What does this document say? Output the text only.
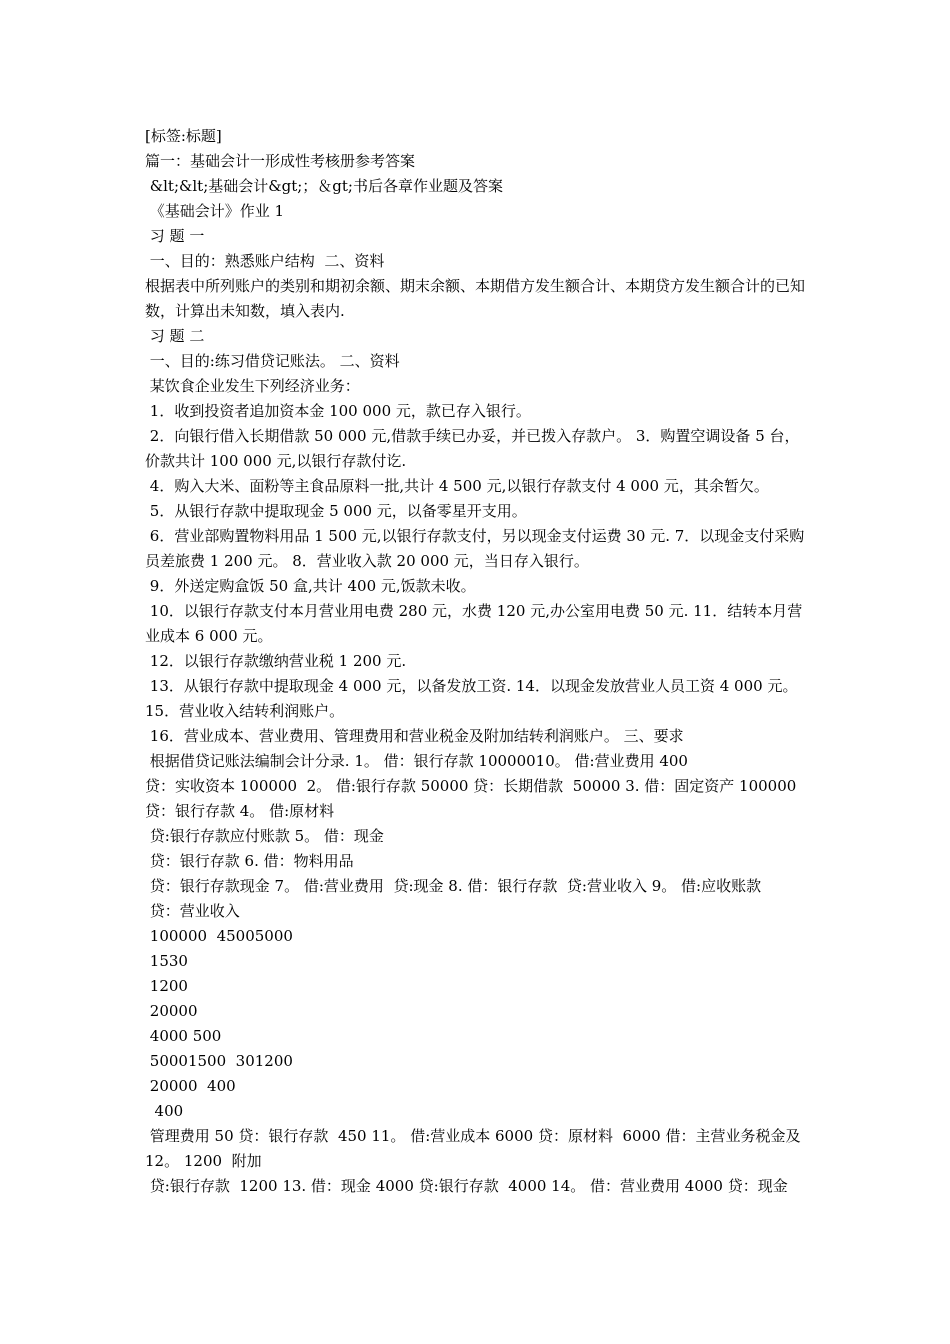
[标签:标题]

篇一：基础会计一形成性考核册参考答案

&lt;&lt;基础会计&gt;；＆gt;书后各章作业题及答案

《基础会计》作业 1

习 题 一

一、目的：熟悉账户结构  二、资料

根据表中所列账户的类别和期初余额、期末余额、本期借方发生额合计、本期贷方发生额合计的已知数，计算出未知数，填入表内.

习 题 二

一、目的:练习借贷记账法。 二、资料

某饮食企业发生下列经济业务：

1．收到投资者追加资本金 100 000 元，款已存入银行。

2．向银行借入长期借款 50 000 元,借款手续已办妥，并已拨入存款户。 3．购置空调设备 5 台，价款共计 100 000 元,以银行存款付讫.

4．购入大米、面粉等主食品原料一批,共计 4 500 元,以银行存款支付 4 000 元，其余暂欠。

5．从银行存款中提取现金 5 000 元，以备零星开支用。

6．营业部购置物料用品 1 500 元,以银行存款支付，另以现金支付运费 30 元. 7．以现金支付采购员差旅费 1 200 元。 8．营业收入款 20 000 元，当日存入银行。

9．外送定购盒饭 50 盒,共计 400 元,饭款未收。

10．以银行存款支付本月营业用电费 280 元，水费 120 元,办公室用电费 50 元. 11．结转本月营业成本 6 000 元。

12．以银行存款缴纳营业税 1 200 元.

13．从银行存款中提取现金 4 000 元，以备发放工资. 14．以现金发放营业人员工资 4 000 元。 15．营业收入结转利润账户。

16．营业成本、营业费用、管理费用和营业税金及附加结转利润账户。 三、要求

根据借贷记账法编制会计分录. 1。 借：银行存款 10000010。 借:营业费用 400

贷：实收资本 100000  2。 借:银行存款 50000 贷：长期借款  50000 3. 借：固定资产 100000 贷：银行存款 4。 借:原材料

贷:银行存款应付账款 5。 借：现金

贷：银行存款 6. 借：物料用品

贷：银行存款现金 7。 借:营业费用  贷:现金 8. 借：银行存款  贷:营业收入 9。 借:应收账款

贷：营业收入

100000  45005000

1530

1200

20000

4000 500

50001500  301200

20000  400

400

管理费用 50 贷：银行存款  450 11。 借:营业成本 6000 贷：原材料  6000 借：主营业务税金及 12。 1200  附加

贷:银行存款  1200 13. 借：现金 4000 贷:银行存款  4000 14。 借：营业费用 4000 贷：现金
